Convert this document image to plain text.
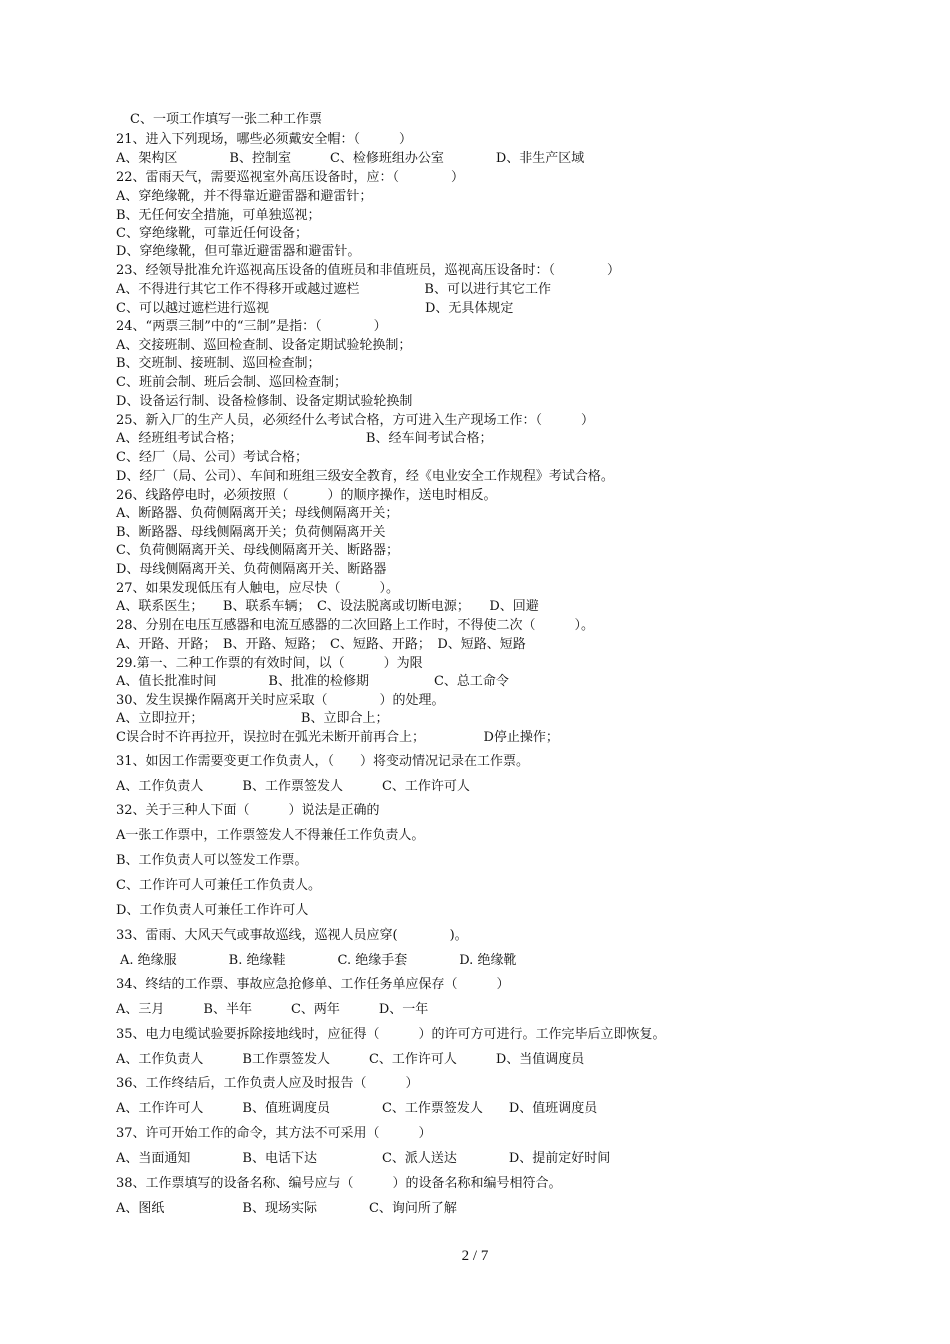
C、一项工作填写一张二种工作票
21、进入下列现场，哪些必须戴安全帽：（　　　）
A、架构区　　　　B、控制室　　　C、检修班组办公室　　　　D、非生产区域
22、雷雨天气，需要巡视室外高压设备时，应：（　　　　）
A、穿绝缘靴，并不得靠近避雷器和避雷针；
B、无任何安全措施，可单独巡视；
C、穿绝缘靴，可靠近任何设备；
D、穿绝缘靴，但可靠近避雷器和避雷针。
23、经领导批准允许巡视高压设备的值班员和非值班员，巡视高压设备时：（　　　　）
A、不得进行其它工作不得移开或越过遮栏　　　　　B、可以进行其它工作
C、可以越过遮栏进行巡视　　　　　　　　　　　　D、无具体规定
24、“两票三制”中的“三制”是指：（　　　　）
A、交接班制、巡回检查制、设备定期试验轮换制；
B、交班制、接班制、巡回检查制；
C、班前会制、班后会制、巡回检查制；
D、设备运行制、设备检修制、设备定期试验轮换制
25、新入厂的生产人员，必须经什么考试合格，方可进入生产现场工作：（　　　）
A、经班组考试合格；　　　　　　　　　　B、经车间考试合格；
C、经厂（局、公司）考试合格；
D、经厂（局、公司）、车间和班组三级安全教育，经《电业安全工作规程》考试合格。
26、线路停电时，必须按照（　　　）的顺序操作，送电时相反。
A、断路器、负荷侧隔离开关；母线侧隔离开关；
B、断路器、母线侧隔离开关；负荷侧隔离开关
C、负荷侧隔离开关、母线侧隔离开关、断路器；
D、母线侧隔离开关、负荷侧隔离开关、断路器
27、如果发现低压有人触电，应尽快（　　　）。
A、联系医生；　　B、联系车辆；　C、设法脱离或切断电源；　　D、回避
28、分别在电压互感器和电流互感器的二次回路上工作时，不得使二次（　　　）。
A、开路、开路；　B、开路、短路；　C、短路、开路；　D、短路、短路
29.第一、二种工作票的有效时间，以（　　　）为限
A、值长批准时间　　　　B、批准的检修期　　　　　C、总工命令
30、发生误操作隔离开关时应采取（　　　　）的处理。
A、立即拉开；　　　　　　　　B、立即合上；
C误合时不许再拉开，误拉时在弧光未断开前再合上；　　　　　D停止操作；
31、如因工作需要变更工作负责人，（　　）将变动情况记录在工作票。
A、工作负责人　　　B、工作票签发人　　　C、工作许可人
32、关于三种人下面（　　　）说法是正确的
A一张工作票中，工作票签发人不得兼任工作负责人。
B、工作负责人可以签发工作票。
C、工作许可人可兼任工作负责人。
D、工作负责人可兼任工作许可人
33、雷雨、大风天气或事故巡线，巡视人员应穿(　　　　)。
A. 绝缘服　　　　B. 绝缘鞋　　　　C. 绝缘手套　　　　D. 绝缘靴
34、终结的工作票、事故应急抢修单、工作任务单应保存（　　　）
A、三月　　　B、半年　　　C、两年　　　D、一年
35、电力电缆试验要拆除接地线时，应征得（　　　）的许可方可进行。工作完毕后立即恢复。
A、工作负责人　　　B工作票签发人　　　C、工作许可人　　　D、当值调度员
36、工作终结后，工作负责人应及时报告（　　　）
A、工作许可人　　　B、值班调度员　　　　C、工作票签发人　　D、值班调度员
37、许可开始工作的命令，其方法不可采用（　　　）
A、当面通知　　　　B、电话下达　　　　　C、派人送达　　　　D、提前定好时间
38、工作票填写的设备名称、编号应与（　　　）的设备名称和编号相符合。
A、图纸　　　　　　B、现场实际　　　　C、询问所了解
2 / 7
